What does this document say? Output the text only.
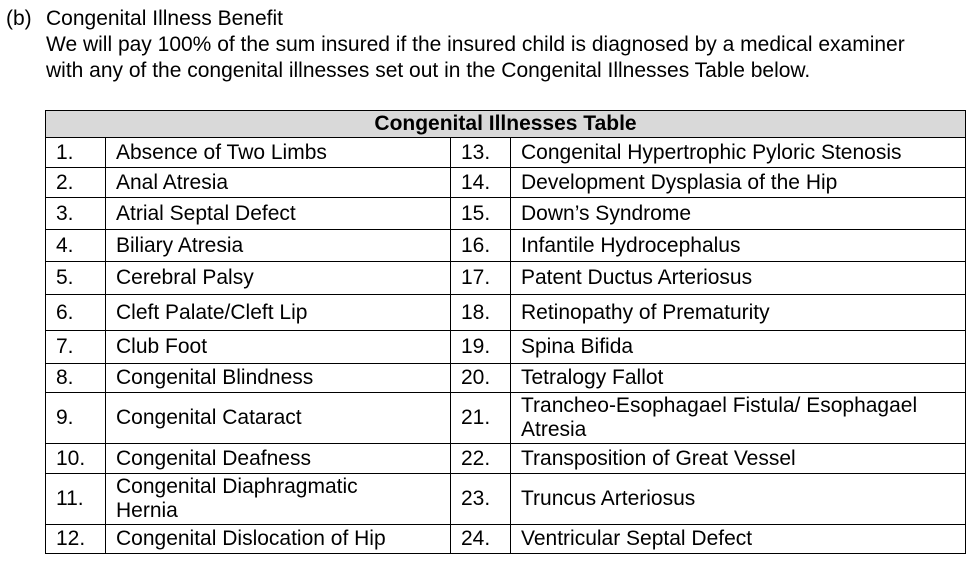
(b) Congenital Illness Benefit
We will pay 100% of the sum insured if the insured child is diagnosed by a medical examiner
with any of the congenital illnesses set out in the Congenital Illnesses Table below.
Congenital Illnesses Table			
1.	Absence of Two Limbs	13.	Congenital Hypertrophic Pyloric Stenosis
2.	Anal Atresia	14.	Development Dysplasia of the Hip
3.	Atrial Septal Defect	15.	Down’s Syndrome
4.	Biliary Atresia	16.	Infantile Hydrocephalus
5.	Cerebral Palsy	17.	Patent Ductus Arteriosus
6.	Cleft Palate/Cleft Lip	18.	Retinopathy of Prematurity
7.	Club Foot	19.	Spina Bifida
8.	Congenital Blindness	20.	Tetralogy Fallot
9.	Congenital Cataract	21.	Trancheo-Esophagael Fistula/ Esophagael
Atresia

10.	Congenital Deafness	22.	Transposition of Great Vessel
11.	Congenital Diaphragmatic
Hernia	23.	Truncus Arteriosus
12.	Congenital Dislocation of Hip	24.	Ventricular Septal Defect
